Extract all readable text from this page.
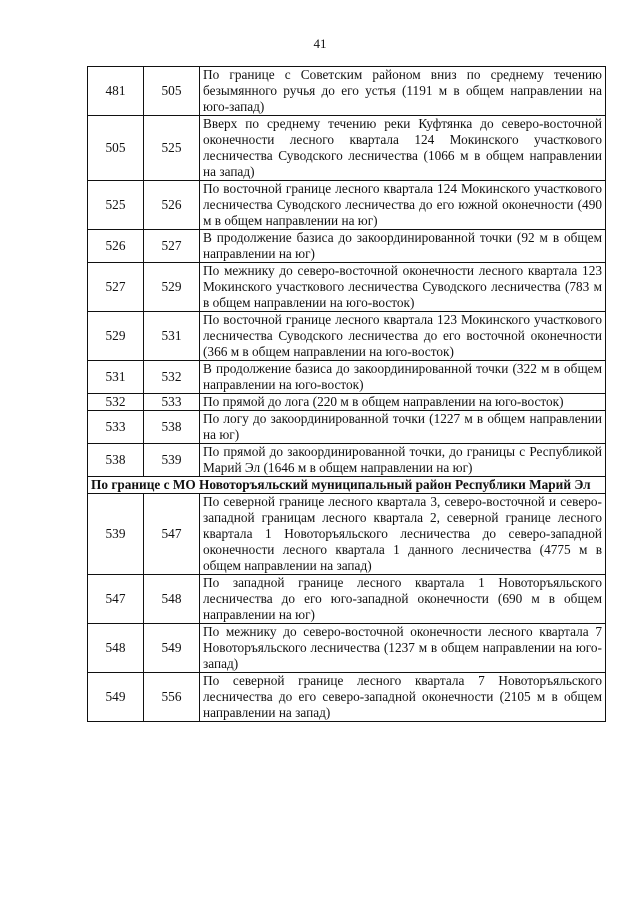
41
481	505	По границе с Советским районом вниз по среднему течению безымянного ручья до его устья (1191 м в общем направлении на юго-запад)
505	525	Вверх по среднему течению реки Куфтянка до северо-восточной оконечности лесного квартала 124 Мокинского участкового лесничества Суводского лесничества (1066 м в общем направлении на запад)
525	526	По восточной границе лесного квартала 124 Мокинского участкового лесничества Суводского лесничества до его южной оконечности (490 м в общем направлении на юг)
526	527	В продолжение базиса до закоординированной точки (92 м в общем направлении на юг)
527	529	По межнику до северо-восточной оконечности лесного квартала 123 Мокинского участкового лесничества Суводского лесничества (783 м в общем направлении на юго-восток)
529	531	По восточной границе лесного квартала 123 Мокинского участкового лесничества Суводского лесничества до его восточной оконечности (366 м в общем направлении на юго-восток)
531	532	В продолжение базиса до закоординированной точки (322 м в общем направлении на юго-восток)
532	533	По прямой до лога (220 м в общем направлении на юго-восток)
533	538	По логу до закоординированной точки (1227 м в общем направлении на юг)
538	539	По прямой до закоординированной точки, до границы с Республикой Марий Эл (1646 м в общем направлении на юг)
По границе с МО Новоторъяльский муниципальный район Республики Марий Эл		
539	547	По северной границе лесного квартала 3, северо-восточной и северо-западной границам лесного квартала 2, северной границе лесного квартала 1 Новоторъяльского лесничества до северо-западной оконечности лесного квартала 1 данного лесничества (4775 м в общем направлении на запад)
547	548	По западной границе лесного квартала 1 Новоторъяльского лесничества до его юго-западной оконечности (690 м в общем направлении на юг)
548	549	По межнику до северо-восточной оконечности лесного квартала 7 Новоторъяльского лесничества (1237 м в общем направлении на юго-запад)
549	556	По северной границе лесного квартала 7 Новоторъяльского лесничества до его северо-западной оконечности (2105 м в общем направлении на запад)
